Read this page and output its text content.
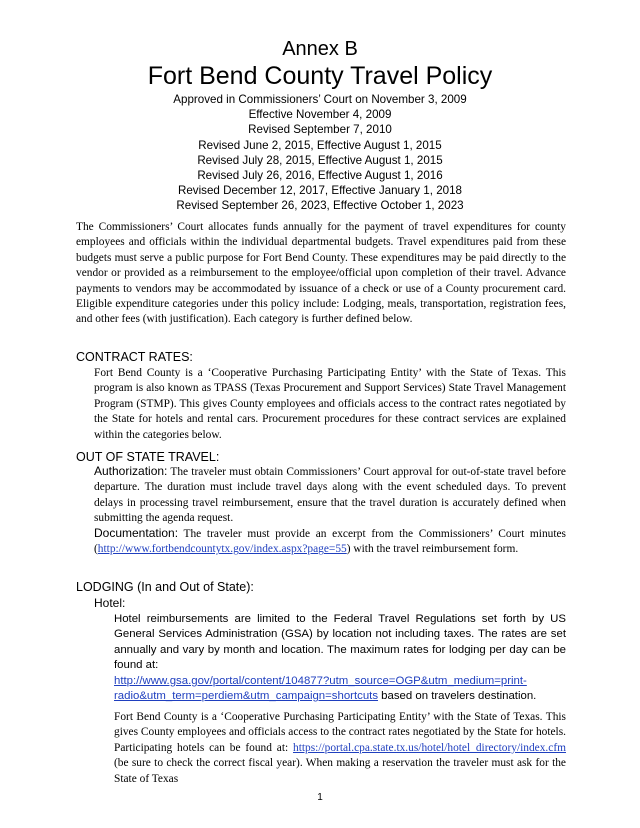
Annex B
Fort Bend County Travel Policy
Approved in Commissioners’ Court on November 3, 2009
Effective November 4, 2009
Revised September 7, 2010
Revised June 2, 2015, Effective August 1, 2015
Revised July 28, 2015, Effective August 1, 2015
Revised July 26, 2016, Effective August 1, 2016
Revised December 12, 2017, Effective January 1, 2018
Revised September 26, 2023, Effective October 1, 2023

The Commissioners’ Court allocates funds annually for the payment of travel expenditures for county employees and officials within the individual departmental budgets. Travel expenditures paid from these budgets must serve a public purpose for Fort Bend County. These expenditures may be paid directly to the vendor or provided as a reimbursement to the employee/official upon completion of their travel. Advance payments to vendors may be accommodated by issuance of a check or use of a County procurement card. Eligible expenditure categories under this policy include: Lodging, meals, transportation, registration fees, and other fees (with justification). Each category is further defined below.

CONTRACT RATES:

Fort Bend County is a ‘Cooperative Purchasing Participating Entity’ with the State of Texas. This program is also known as TPASS (Texas Procurement and Support Services) State Travel Management Program (STMP). This gives County employees and officials access to the contract rates negotiated by the State for hotels and rental cars. Procurement procedures for these contract services are explained within the categories below.

OUT OF STATE TRAVEL:
Authorization: The traveler must obtain Commissioners’ Court approval for out-of-state travel before departure. The duration must include travel days along with the event scheduled days. To prevent delays in processing travel reimbursement, ensure that the travel duration is accurately defined when submitting the agenda request.
Documentation: The traveler must provide an excerpt from the Commissioners’ Court minutes (http://www.fortbendcountytx.gov/index.aspx?page=55) with the travel reimbursement form.
LODGING (In and Out of State):
Hotel:
Hotel reimbursements are limited to the Federal Travel Regulations set forth by US General Services Administration (GSA) by location not including taxes. The rates are set annually and vary by month and location. The maximum rates for lodging per day can be found at:
http://www.gsa.gov/portal/content/104877?utm_source=OGP&utm_medium=print-radio&utm_term=perdiem&utm_campaign=shortcuts based on travelers destination.
Fort Bend County is a ‘Cooperative Purchasing Participating Entity’ with the State of Texas. This gives County employees and officials access to the contract rates negotiated by the State for hotels. Participating hotels can be found at: https://portal.cpa.state.tx.us/hotel/hotel_directory/index.cfm (be sure to check the correct fiscal year). When making a reservation the traveler must ask for the State of Texas
1
